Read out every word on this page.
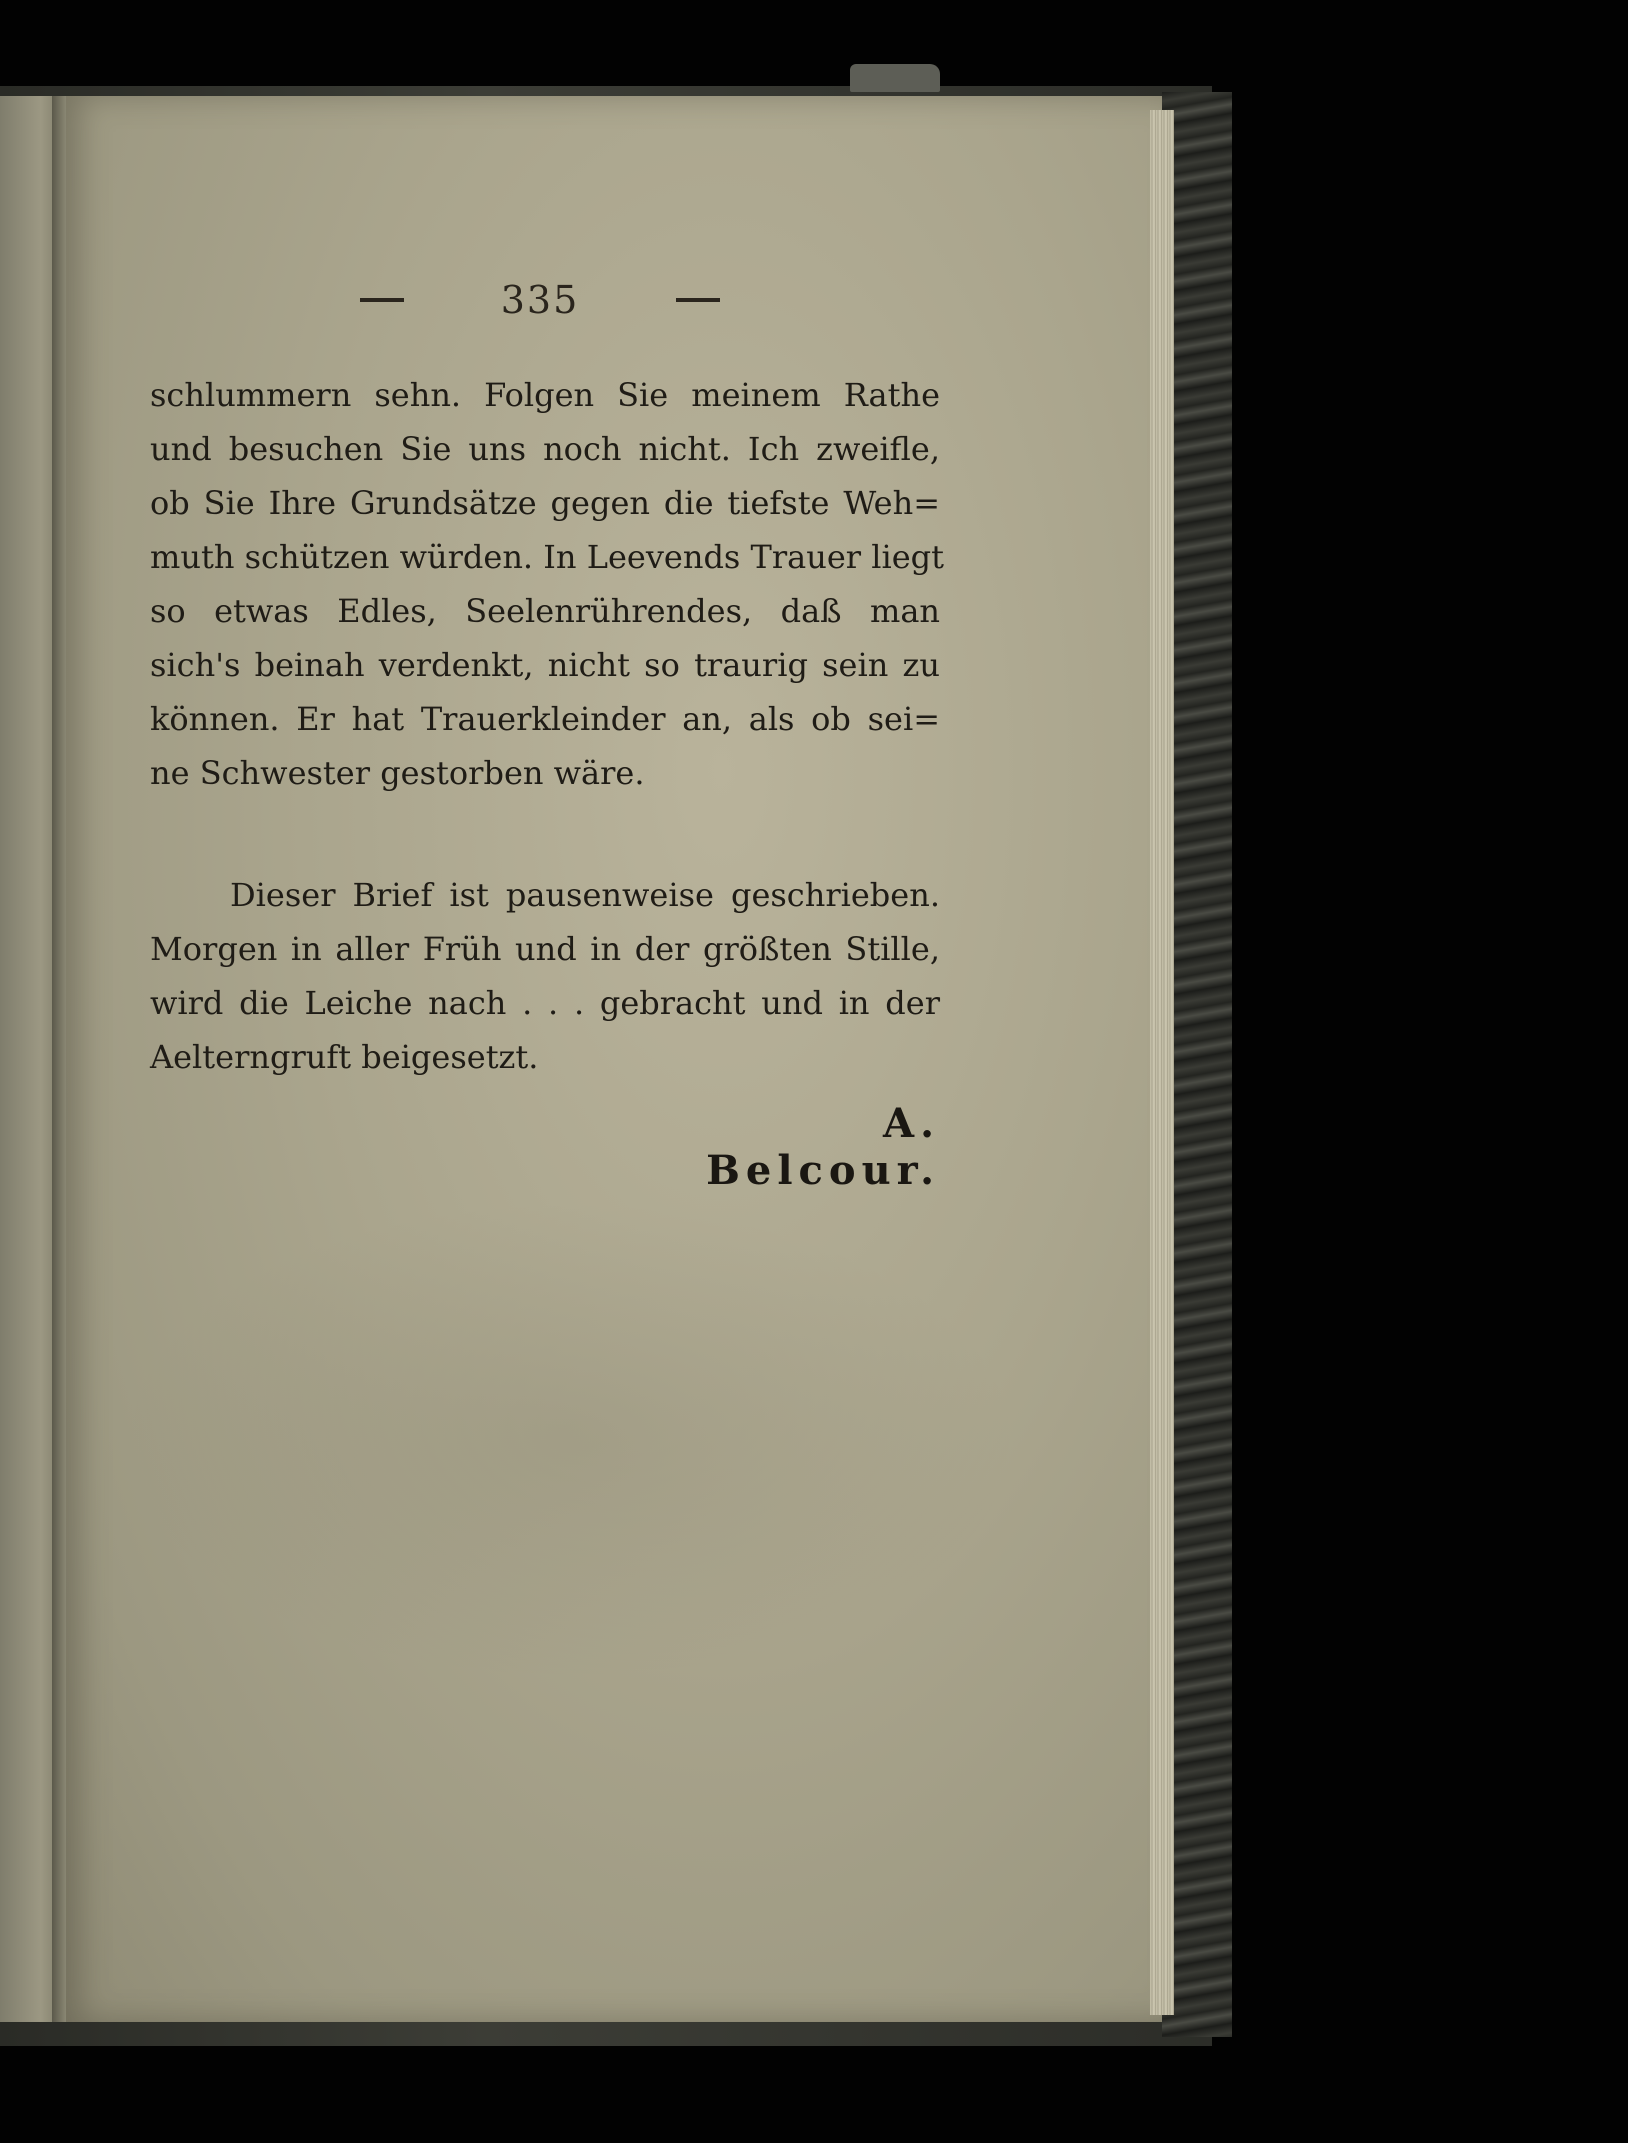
335
schlummern sehn. Folgen Sie meinem Rathe
und besuchen Sie uns noch nicht. Ich zweifle,
ob Sie Ihre Grundsätze gegen die tiefste Weh=
muth schützen würden. In Leevends Trauer liegt
so etwas Edles, Seelenrührendes, daß man
sich's beinah verdenkt, nicht so traurig sein zu
können. Er hat Trauerkleinder an, als ob sei=
ne Schwester gestorben wäre.
Dieser Brief ist pausenweise geschrieben.
Morgen in aller Früh und in der größten Stille,
wird die Leiche nach . . . gebracht und in der
Aelterngruft beigesetzt.
A. Belcour.
